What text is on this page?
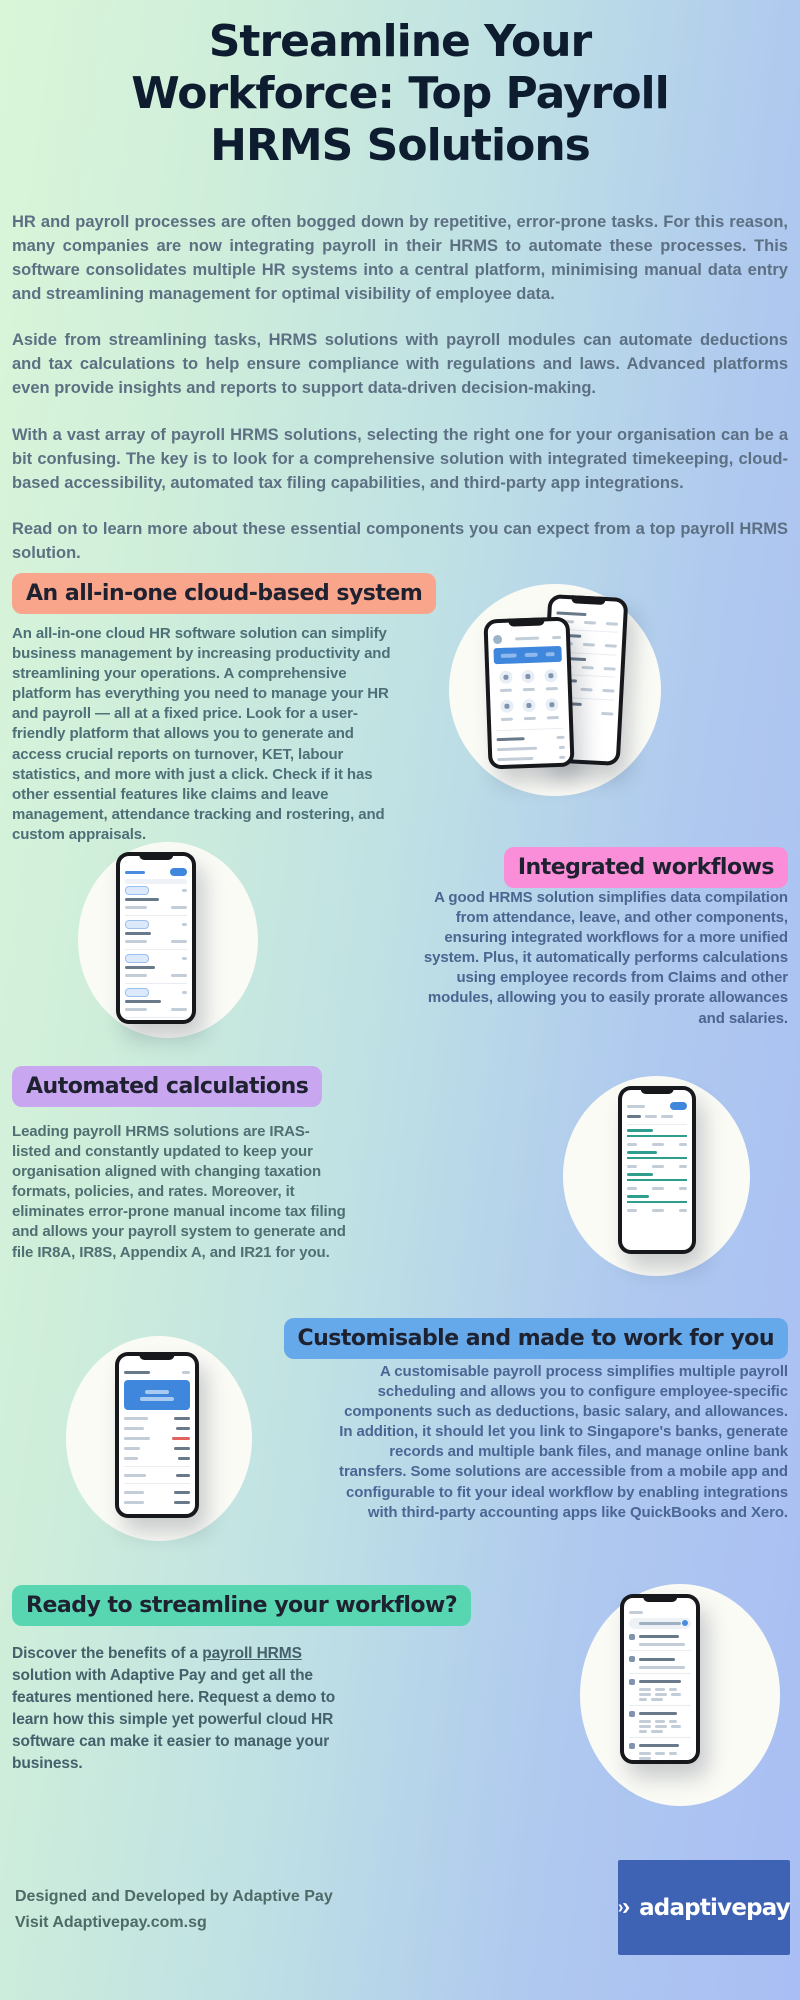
Streamline Your Workforce: Top Payroll HRMS Solutions

HR and payroll processes are often bogged down by repetitive, error-prone tasks. For this reason, many companies are now integrating payroll in their HRMS to automate these processes. This software consolidates multiple HR systems into a central platform, minimising manual data entry and streamlining management for optimal visibility of employee data.

Aside from streamlining tasks, HRMS solutions with payroll modules can automate deductions and tax calculations to help ensure compliance with regulations and laws. Advanced platforms even provide insights and reports to support data-driven decision-making.

With a vast array of payroll HRMS solutions, selecting the right one for your organisation can be a bit confusing. The key is to look for a comprehensive solution with integrated timekeeping, cloud-based accessibility, automated tax filing capabilities, and third-party app integrations.

Read on to learn more about these essential components you can expect from a top payroll HRMS solution.

An all-in-one cloud-based system
An all-in-one cloud HR software solution can simplify business management by increasing productivity and streamlining your operations. A comprehensive platform has everything you need to manage your HR and payroll — all at a fixed price. Look for a user-friendly platform that allows you to generate and access crucial reports on turnover, KET, labour statistics, and more with just a click. Check if it has other essential features like claims and leave management, attendance tracking and rostering, and custom appraisals.
Integrated workflows
A good HRMS solution simplifies data compilation from attendance, leave, and other components, ensuring integrated workflows for a more unified system. Plus, it automatically performs calculations using employee records from Claims and other modules, allowing you to easily prorate allowances and salaries.
Automated calculations
Leading payroll HRMS solutions are IRAS-listed and constantly updated to keep your organisation aligned with changing taxation formats, policies, and rates. Moreover, it eliminates error-prone manual income tax filing and allows your payroll system to generate and file IR8A, IR8S, Appendix A, and IR21 for you.
Customisable and made to work for you
A customisable payroll process simplifies multiple payroll scheduling and allows you to configure employee-specific components such as deductions, basic salary, and allowances. In addition, it should let you link to Singapore's banks, generate records and multiple bank files, and manage online bank transfers. Some solutions are accessible from a mobile app and configurable to fit your ideal workflow by enabling integrations with third-party accounting apps like QuickBooks and Xero.
Ready to streamline your workflow?
Discover the benefits of a payroll HRMS solution with Adaptive Pay and get all the features mentioned here. Request a demo to learn how this simple yet powerful cloud HR software can make it easier to manage your business.
Designed and Developed by Adaptive Pay
Visit Adaptivepay.com.sg
adaptivepay
